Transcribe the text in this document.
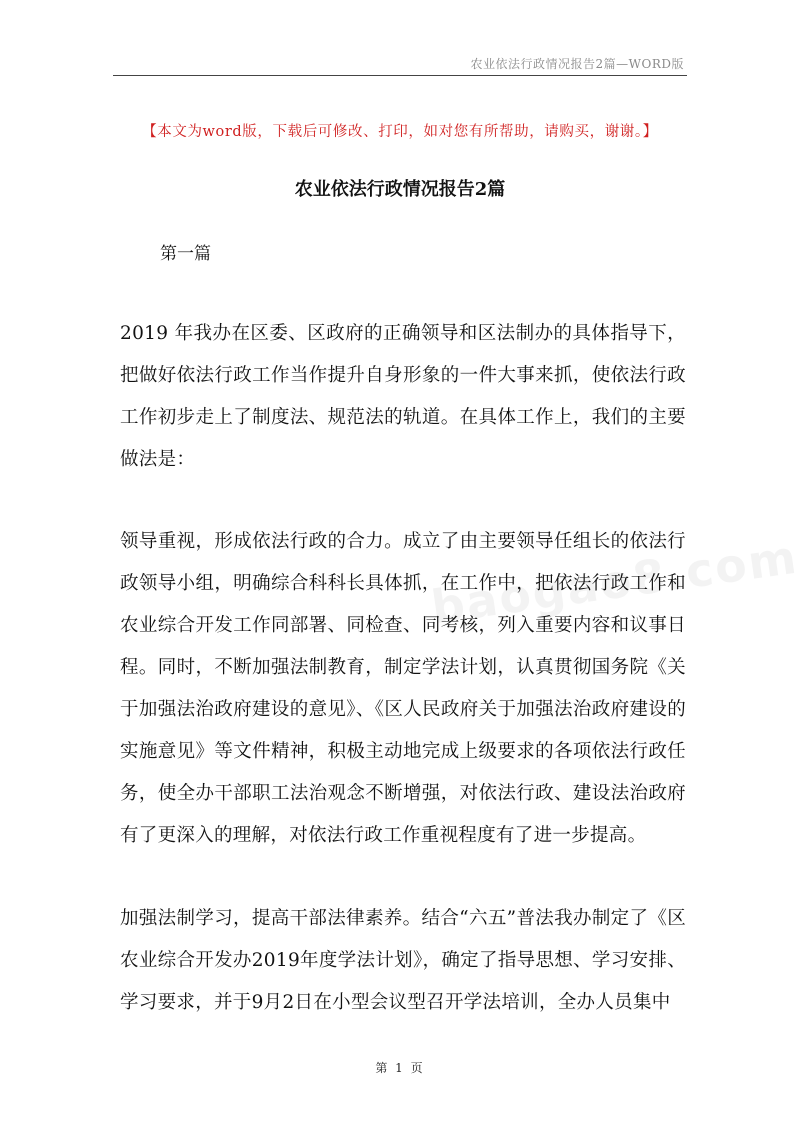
农业依法行政情况报告2篇—WORD版
【本文为word版，下载后可修改、打印，如对您有所帮助，请购买，谢谢。】
农业依法行政情况报告2篇
第一篇

2019 年我办在区委、区政府的正确领导和区法制办的具体指导下，把做好依法行政工作当作提升自身形象的一件大事来抓，使依法行政工作初步走上了制度法、规范法的轨道。在具体工作上，我们的主要做法是：

领导重视，形成依法行政的合力。成立了由主要领导任组长的依法行政领导小组，明确综合科科长具体抓，在工作中，把依法行政工作和农业综合开发工作同部署、同检查、同考核，列入重要内容和议事日程。同时，不断加强法制教育，制定学法计划，认真贯彻国务院《关于加强法治政府建设的意见》、《区人民政府关于加强法治政府建设的实施意见》等文件精神，积极主动地完成上级要求的各项依法行政任务，使全办干部职工法治观念不断增强，对依法行政、建设法治政府有了更深入的理解，对依法行政工作重视程度有了进一步提高。

加强法制学习，提高干部法律素养。结合“六五”普法我办制定了《区农业综合开发办2019年度学法计划》，确定了指导思想、学习安排、学习要求，并于9月2日在小型会议型召开学法培训，全办人员集中

第 1 页
